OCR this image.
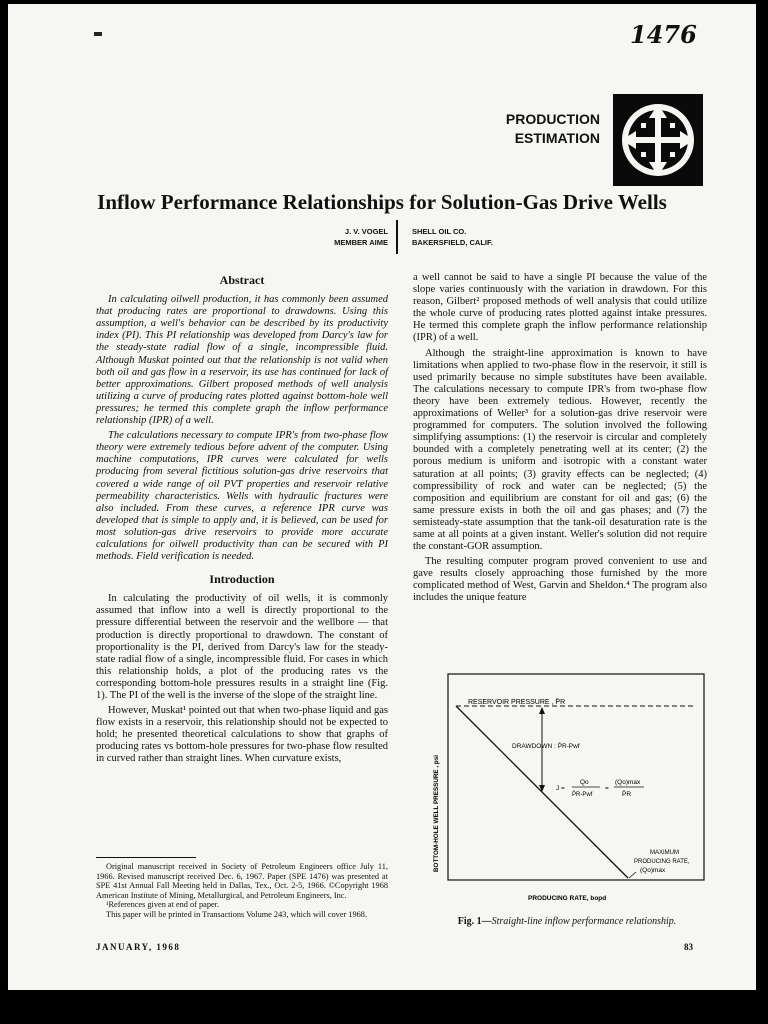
1476
PRODUCTION
ESTIMATION
Inflow Performance Relationships for Solution-Gas Drive Wells
J. V. VOGEL
MEMBER AIME
SHELL OIL CO.
BAKERSFIELD, CALIF.
Abstract

In calculating oilwell production, it has commonly been assumed that producing rates are proportional to drawdowns. Using this assumption, a well's behavior can be described by its productivity index (PI). This PI relationship was developed from Darcy's law for the steady-state radial flow of a single, incompressible fluid. Although Muskat pointed out that the relationship is not valid when both oil and gas flow in a reservoir, its use has continued for lack of better approximations. Gilbert proposed methods of well analysis utilizing a curve of producing rates plotted against bottom-hole well pressures; he termed this complete graph the inflow performance relationship (IPR) of a well.

The calculations necessary to compute IPR's from two-phase flow theory were extremely tedious before advent of the computer. Using machine computations, IPR curves were calculated for wells producing from several fictitious solution-gas drive reservoirs that covered a wide range of oil PVT properties and reservoir relative permeability characteristics. Wells with hydraulic fractures were also included. From these curves, a reference IPR curve was developed that is simple to apply and, it is believed, can be used for most solution-gas drive reservoirs to provide more accurate calculations for oilwell productivity than can be secured with PI methods. Field verification is needed.

Introduction

In calculating the productivity of oil wells, it is commonly assumed that inflow into a well is directly proportional to the pressure differential between the reservoir and the wellbore — that production is directly proportional to drawdown. The constant of proportionality is the PI, derived from Darcy's law for the steady-state radial flow of a single, incompressible fluid. For cases in which this relationship holds, a plot of the producing rates vs the corresponding bottom-hole pressures results in a straight line (Fig. 1). The PI of the well is the inverse of the slope of the straight line.

However, Muskat¹ pointed out that when two-phase liquid and gas flow exists in a reservoir, this relationship should not be expected to hold; he presented theoretical calculations to show that graphs of producing rates vs bottom-hole pressures for two-phase flow resulted in curved rather than straight lines. When curvature exists,

Original manuscript received in Society of Petroleum Engineers office July 11, 1966. Revised manuscript received Dec. 6, 1967. Paper (SPE 1476) was presented at SPE 41st Annual Fall Meeting held in Dallas, Tex., Oct. 2-5, 1966. ©Copyright 1968 American Institute of Mining, Metallurgical, and Petroleum Engineers, Inc.

¹References given at end of paper.

This paper will be printed in Transactions Volume 243, which will cover 1968.

a well cannot be said to have a single PI because the value of the slope varies continuously with the variation in drawdown. For this reason, Gilbert² proposed methods of well analysis that could utilize the whole curve of producing rates plotted against intake pressures. He termed this complete graph the inflow performance relationship (IPR) of a well.

Although the straight-line approximation is known to have limitations when applied to two-phase flow in the reservoir, it still is used primarily because no simple substitutes have been available. The calculations necessary to compute IPR's from two-phase flow theory have been extremely tedious. However, recently the approximations of Weller³ for a solution-gas drive reservoir were programmed for computers. The solution involved the following simplifying assumptions: (1) the reservoir is circular and completely bounded with a completely penetrating well at its center; (2) the porous medium is uniform and isotropic with a constant water saturation at all points; (3) gravity effects can be neglected; (4) compressibility of rock and water can be neglected; (5) the composition and equilibrium are constant for oil and gas; (6) the same pressure exists in both the oil and gas phases; and (7) the semisteady-state assumption that the tank-oil desaturation rate is the same at all points at a given instant. Weller's solution did not require the constant-GOR assumption.

The resulting computer program proved convenient to use and gave results closely approaching those furnished by the more complicated method of West, Garvin and Sheldon.⁴ The program also includes the unique feature

BOTTOM-HOLE WELL PRESSURE , psi
RESERVOIR PRESSURE , P̄R
DRAWDOWN : P̄R-Pwf
J =
Qo
P̄R-Pwf
=
(Qo)max
P̄R
MAXIMUM
PRODUCING RATE,
(Qo)max
PRODUCING RATE, bopd
Fig. 1—Straight-line inflow performance relationship.
JANUARY, 1968	83
